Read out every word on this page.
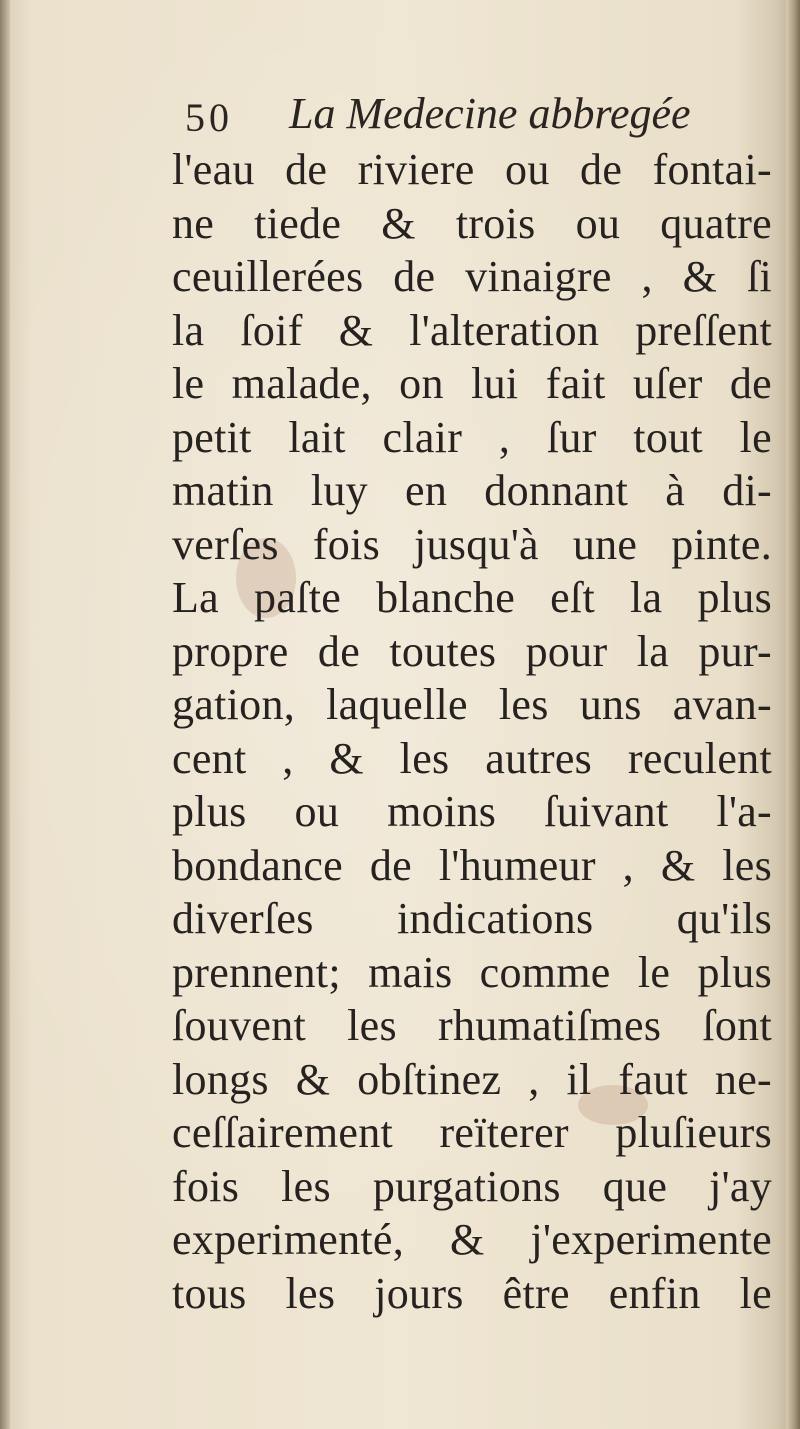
50 La Medecine abbregée
l'eau de riviere ou de fontai-
ne tiede & trois ou quatre
ceuillerées de vinaigre , & ſi
la ſoif & l'alteration preſſent
le malade, on lui fait uſer de
petit lait clair , ſur tout le
matin luy en donnant à di-
verſes fois jusqu'à une pinte.
La paſte blanche eſt la plus
propre de toutes pour la pur-
gation, laquelle les uns avan-
cent , & les autres reculent
plus ou moins ſuivant l'a-
bondance de l'humeur , & les
diverſes indications qu'ils
prennent; mais comme le plus
ſouvent les rhumatiſmes ſont
longs & obſtinez , il faut ne-
ceſſairement reïterer pluſieurs
fois les purgations que j'ay
experimenté, & j'experimente
tous les jours être enfin le
